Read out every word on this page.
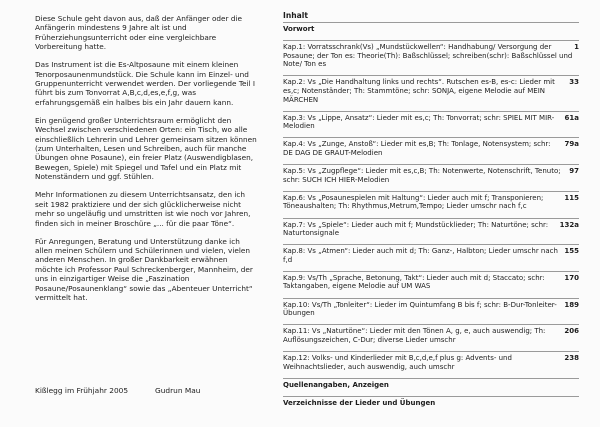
Diese Schule geht davon aus, daß der Anfänger oder die Anfängerin mindestens 9 Jahre alt ist und Früherziehungsunterricht oder eine vergleichbare Vorbereitung hatte.

Das Instrument ist die Es-Altposaune mit einem kleinen Tenorposaunenmundstück. Die Schule kann im Einzel- und Gruppenunterricht verwendet werden. Der vorliegende Teil I führt bis zum Tonvorrat A,B,c,d,es,e,f,g, was erfahrungsgemäß ein halbes bis ein Jahr dauern kann.

Ein genügend großer Unterrichtsraum ermöglicht den Wechsel zwischen verschiedenen Orten: ein Tisch, wo alle einschließlich Lehrerin und Lehrer gemeinsam sitzen können (zum Unterhalten, Lesen und Schreiben, auch für manche Übungen ohne Posaune), ein freier Platz (Auswendigblasen, Bewegen, Spiele) mit Spiegel und Tafel und ein Platz mit Notenständern und ggf. Stühlen.

Mehr Informationen zu diesem Unterrichtsansatz, den ich seit 1982 praktiziere und der sich glücklicherweise nicht mehr so ungeläufig und umstritten ist wie noch vor Jahren, finden sich in meiner Broschüre „... für die paar Töne“.

Für Anregungen, Beratung und Unterstützung danke ich allen meinen Schülern und Schülerinnen und vielen, vielen anderen Menschen. In großer Dankbarkeit erwähnen möchte ich Professor Paul Schreckenberger, Mannheim, der uns in einzigartiger Weise die „Faszination Posaune/Posaunenklang“ sowie das „Abenteuer Unterricht“ vermittelt hat.

Kißlegg im Frühjahr 2005	Gudrun Mau
Inhalt
Vorwort
1
Kap.1: Vorratsschrank(Vs) „Mundstückwellen“: Handhabung/ Versorgung der Posaune; der Ton es: Theorie(Th): Baßschlüssel; schreiben(schr): Baßschlüssel und Note/ Ton es
33
Kap.2: Vs „Die Handhaltung links und rechts“. Rutschen es-B, es-c: Lieder mit es,c; Notenständer; Th: Stammtöne; schr: SONJA, eigene Melodie auf MEIN MÄRCHEN
61a
Kap.3: Vs „Lippe, Ansatz“: Lieder mit es,c; Th: Tonvorrat; schr: SPIEL MIT MIR-Melodien
79a
Kap.4: Vs „Zunge, Anstoß“: Lieder mit es,B; Th: Tonlage, Notensystem; schr: DE DAG DE GRAUT-Melodien
97
Kap.5: Vs „Zugpflege“: Lieder mit es,c,B; Th: Notenwerte, Notenschrift, Tenuto; schr: SUCH ICH HIER-Melodien
115
Kap.6: Vs „Posaunespielen mit Haltung“: Lieder auch mit f; Transponieren; Töneaushalten; Th: Rhythmus,Metrum,Tempo; Lieder umschr nach f,c
132a
Kap.7: Vs „Spiele“: Lieder auch mit f; Mundstücklieder; Th: Naturtöne; schr: Naturtonsignale
155
Kap.8: Vs „Atmen“: Lieder auch mit d; Th: Ganz-, Halbton; Lieder umschr nach f,d
170
Kap.9: Vs/Th „Sprache, Betonung, Takt“: Lieder auch mit d; Staccato; schr: Taktangaben, eigene Melodie auf UM WAS
189
Kap.10: Vs/Th „Tonleiter“: Lieder im Quintumfang B bis f; schr: B-Dur-Tonleiter-Übungen
206
Kap.11: Vs „Naturtöne“: Lieder mit den Tönen A, g, e, auch auswendig; Th: Auflösungszeichen, C-Dur; diverse Lieder umschr
238
Kap.12: Volks- und Kinderlieder mit B,c,d,e,f plus g: Advents- und Weihnachtslieder, auch auswendig, auch umschr
Quellenangaben, Anzeigen
Verzeichnisse der Lieder und Übungen
